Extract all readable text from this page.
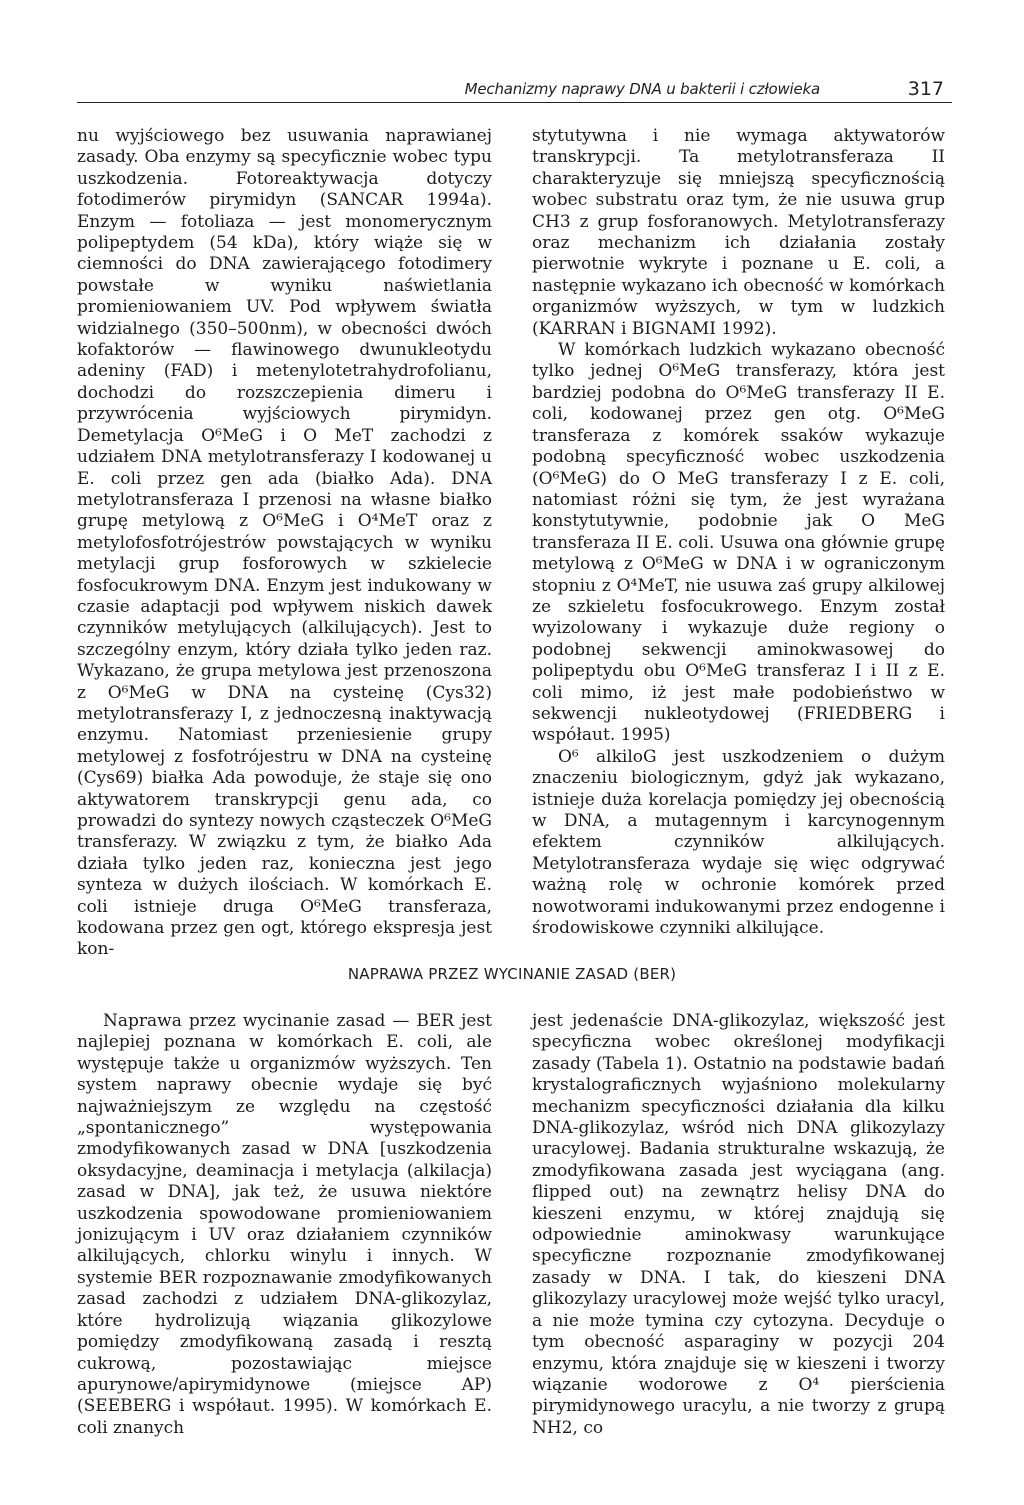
Mechanizmy naprawy DNA u bakterii i człowieka	317

nu wyjściowego bez usuwania naprawianej zasady. Oba enzymy są specyficznie wobec typu uszkodzenia. Fotoreaktywacja dotyczy fotodimerów pirymidyn (SANCAR 1994a). Enzym — fotoliaza — jest monomerycznym polipeptydem (54 kDa), który wiąże się w ciemności do DNA zawierającego fotodimery powstałe w wyniku naświetlania promieniowaniem UV. Pod wpływem światła widzialnego (350–500nm), w obecności dwóch kofaktorów — flawinowego dwunukleotydu adeniny (FAD) i metenylotetrahydrofolianu, dochodzi do rozszczepienia dimeru i przywrócenia wyjściowych pirymidyn. Demetylacja O⁶MeG i O MeT zachodzi z udziałem DNA metylotransferazy I kodowanej u E. coli przez gen ada (białko Ada). DNA metylotransferaza I przenosi na własne białko grupę metylową z O⁶MeG i O⁴MeT oraz z metylofosfotrójestrów powstających w wyniku metylacji grup fosforowych w szkielecie fosfocukrowym DNA. Enzym jest indukowany w czasie adaptacji pod wpływem niskich dawek czynników metylujących (alkilujących). Jest to szczególny enzym, który działa tylko jeden raz. Wykazano, że grupa metylowa jest przenoszona z O⁶MeG w DNA na cysteinę (Cys32) metylotransferazy I, z jednoczesną inaktywacją enzymu. Natomiast przeniesienie grupy metylowej z fosfotrójestru w DNA na cysteinę (Cys69) białka Ada powoduje, że staje się ono aktywatorem transkrypcji genu ada, co prowadzi do syntezy nowych cząsteczek O⁶MeG transferazy. W związku z tym, że białko Ada działa tylko jeden raz, konieczna jest jego synteza w dużych ilościach. W komórkach E. coli istnieje druga O⁶MeG transferaza, kodowana przez gen ogt, którego ekspresja jest kon-

stytutywna i nie wymaga aktywatorów transkrypcji. Ta metylotransferaza II charakteryzuje się mniejszą specyficznością wobec substratu oraz tym, że nie usuwa grup CH3 z grup fosforanowych. Metylotransferazy oraz mechanizm ich działania zostały pierwotnie wykryte i poznane u E. coli, a następnie wykazano ich obecność w komórkach organizmów wyższych, w tym w ludzkich (KARRAN i BIGNAMI 1992).

W komórkach ludzkich wykazano obecność tylko jednej O⁶MeG transferazy, która jest bardziej podobna do O⁶MeG transferazy II E. coli, kodowanej przez gen otg. O⁶MeG transferaza z komórek ssaków wykazuje podobną specyficzność wobec uszkodzenia (O⁶MeG) do O MeG transferazy I z E. coli, natomiast różni się tym, że jest wyrażana konstytutywnie, podobnie jak O MeG transferaza II E. coli. Usuwa ona głównie grupę metylową z O⁶MeG w DNA i w ograniczonym stopniu z O⁴MeT, nie usuwa zaś grupy alkilowej ze szkieletu fosfocukrowego. Enzym został wyizolowany i wykazuje duże regiony o podobnej sekwencji aminokwasowej do polipeptydu obu O⁶MeG transferaz I i II z E. coli mimo, iż jest małe podobieństwo w sekwencji nukleotydowej (FRIEDBERG i współaut. 1995)

O⁶ alkiloG jest uszkodzeniem o dużym znaczeniu biologicznym, gdyż jak wykazano, istnieje duża korelacja pomiędzy jej obecnością w DNA, a mutagennym i karcynogennym efektem czynników alkilujących. Metylotransferaza wydaje się więc odgrywać ważną rolę w ochronie komórek przed nowotworami indukowanymi przez endogenne i środowiskowe czynniki alkilujące.

NAPRAWA PRZEZ WYCINANIE ZASAD (BER)

Naprawa przez wycinanie zasad — BER jest najlepiej poznana w komórkach E. coli, ale występuje także u organizmów wyższych. Ten system naprawy obecnie wydaje się być najważniejszym ze względu na częstość „spontanicznego” występowania zmodyfikowanych zasad w DNA [uszkodzenia oksydacyjne, deaminacja i metylacja (alkilacja) zasad w DNA], jak też, że usuwa niektóre uszkodzenia spowodowane promieniowaniem jonizującym i UV oraz działaniem czynników alkilujących, chlorku winylu i innych. W systemie BER rozpoznawanie zmodyfikowanych zasad zachodzi z udziałem DNA-glikozylaz, które hydrolizują wiązania glikozylowe pomiędzy zmodyfikowaną zasadą i resztą cukrową, pozostawiając miejsce apurynowe/apirymidynowe (miejsce AP) (SEEBERG i współaut. 1995). W komórkach E. coli znanych

jest jedenaście DNA-glikozylaz, większość jest specyficzna wobec określonej modyfikacji zasady (Tabela 1). Ostatnio na podstawie badań krystalograficznych wyjaśniono molekularny mechanizm specyficzności działania dla kilku DNA-glikozylaz, wśród nich DNA glikozylazy uracylowej. Badania strukturalne wskazują, że zmodyfikowana zasada jest wyciągana (ang. flipped out) na zewnątrz helisy DNA do kieszeni enzymu, w której znajdują się odpowiednie aminokwasy warunkujące specyficzne rozpoznanie zmodyfikowanej zasady w DNA. I tak, do kieszeni DNA glikozylazy uracylowej może wejść tylko uracyl, a nie może tymina czy cytozyna. Decyduje o tym obecność asparaginy w pozycji 204 enzymu, która znajduje się w kieszeni i tworzy wiązanie wodorowe z O⁴ pierścienia pirymidynowego uracylu, a nie tworzy z grupą NH2, co
